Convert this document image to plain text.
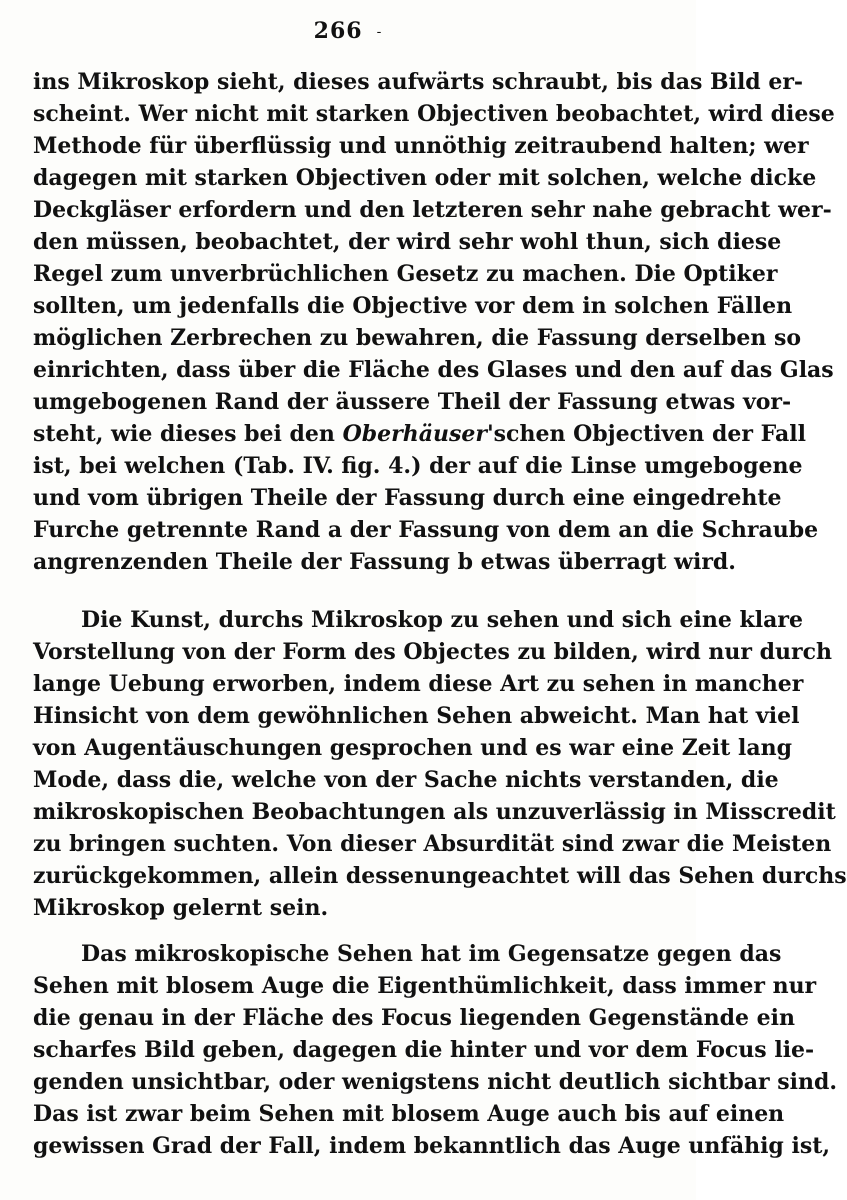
266 -
ins Mikroskop sieht, dieses aufwärts schraubt, bis das Bild er-
scheint. Wer nicht mit starken Objectiven beobachtet, wird diese
Methode für überflüssig und unnöthig zeitraubend halten; wer
dagegen mit starken Objectiven oder mit solchen, welche dicke
Deckgläser erfordern und den letzteren sehr nahe gebracht wer-
den müssen, beobachtet, der wird sehr wohl thun, sich diese
Regel zum unverbrüchlichen Gesetz zu machen. Die Optiker
sollten, um jedenfalls die Objective vor dem in solchen Fällen
möglichen Zerbrechen zu bewahren, die Fassung derselben so
einrichten, dass über die Fläche des Glases und den auf das Glas
umgebogenen Rand der äussere Theil der Fassung etwas vor-
steht, wie dieses bei den Oberhäuser'schen Objectiven der Fall
ist, bei welchen (Tab. IV. fig. 4.) der auf die Linse umgebogene
und vom übrigen Theile der Fassung durch eine eingedrehte
Furche getrennte Rand a der Fassung von dem an die Schraube
angrenzenden Theile der Fassung b etwas überragt wird.
Die Kunst, durchs Mikroskop zu sehen und sich eine klare
Vorstellung von der Form des Objectes zu bilden, wird nur durch
lange Uebung erworben, indem diese Art zu sehen in mancher
Hinsicht von dem gewöhnlichen Sehen abweicht. Man hat viel
von Augentäuschungen gesprochen und es war eine Zeit lang
Mode, dass die, welche von der Sache nichts verstanden, die
mikroskopischen Beobachtungen als unzuverlässig in Misscredit
zu bringen suchten. Von dieser Absurdität sind zwar die Meisten
zurückgekommen, allein dessenungeachtet will das Sehen durchs
Mikroskop gelernt sein.
Das mikroskopische Sehen hat im Gegensatze gegen das
Sehen mit blosem Auge die Eigenthümlichkeit, dass immer nur
die genau in der Fläche des Focus liegenden Gegenstände ein
scharfes Bild geben, dagegen die hinter und vor dem Focus lie-
genden unsichtbar, oder wenigstens nicht deutlich sichtbar sind.
Das ist zwar beim Sehen mit blosem Auge auch bis auf einen
gewissen Grad der Fall, indem bekanntlich das Auge unfähig ist,
